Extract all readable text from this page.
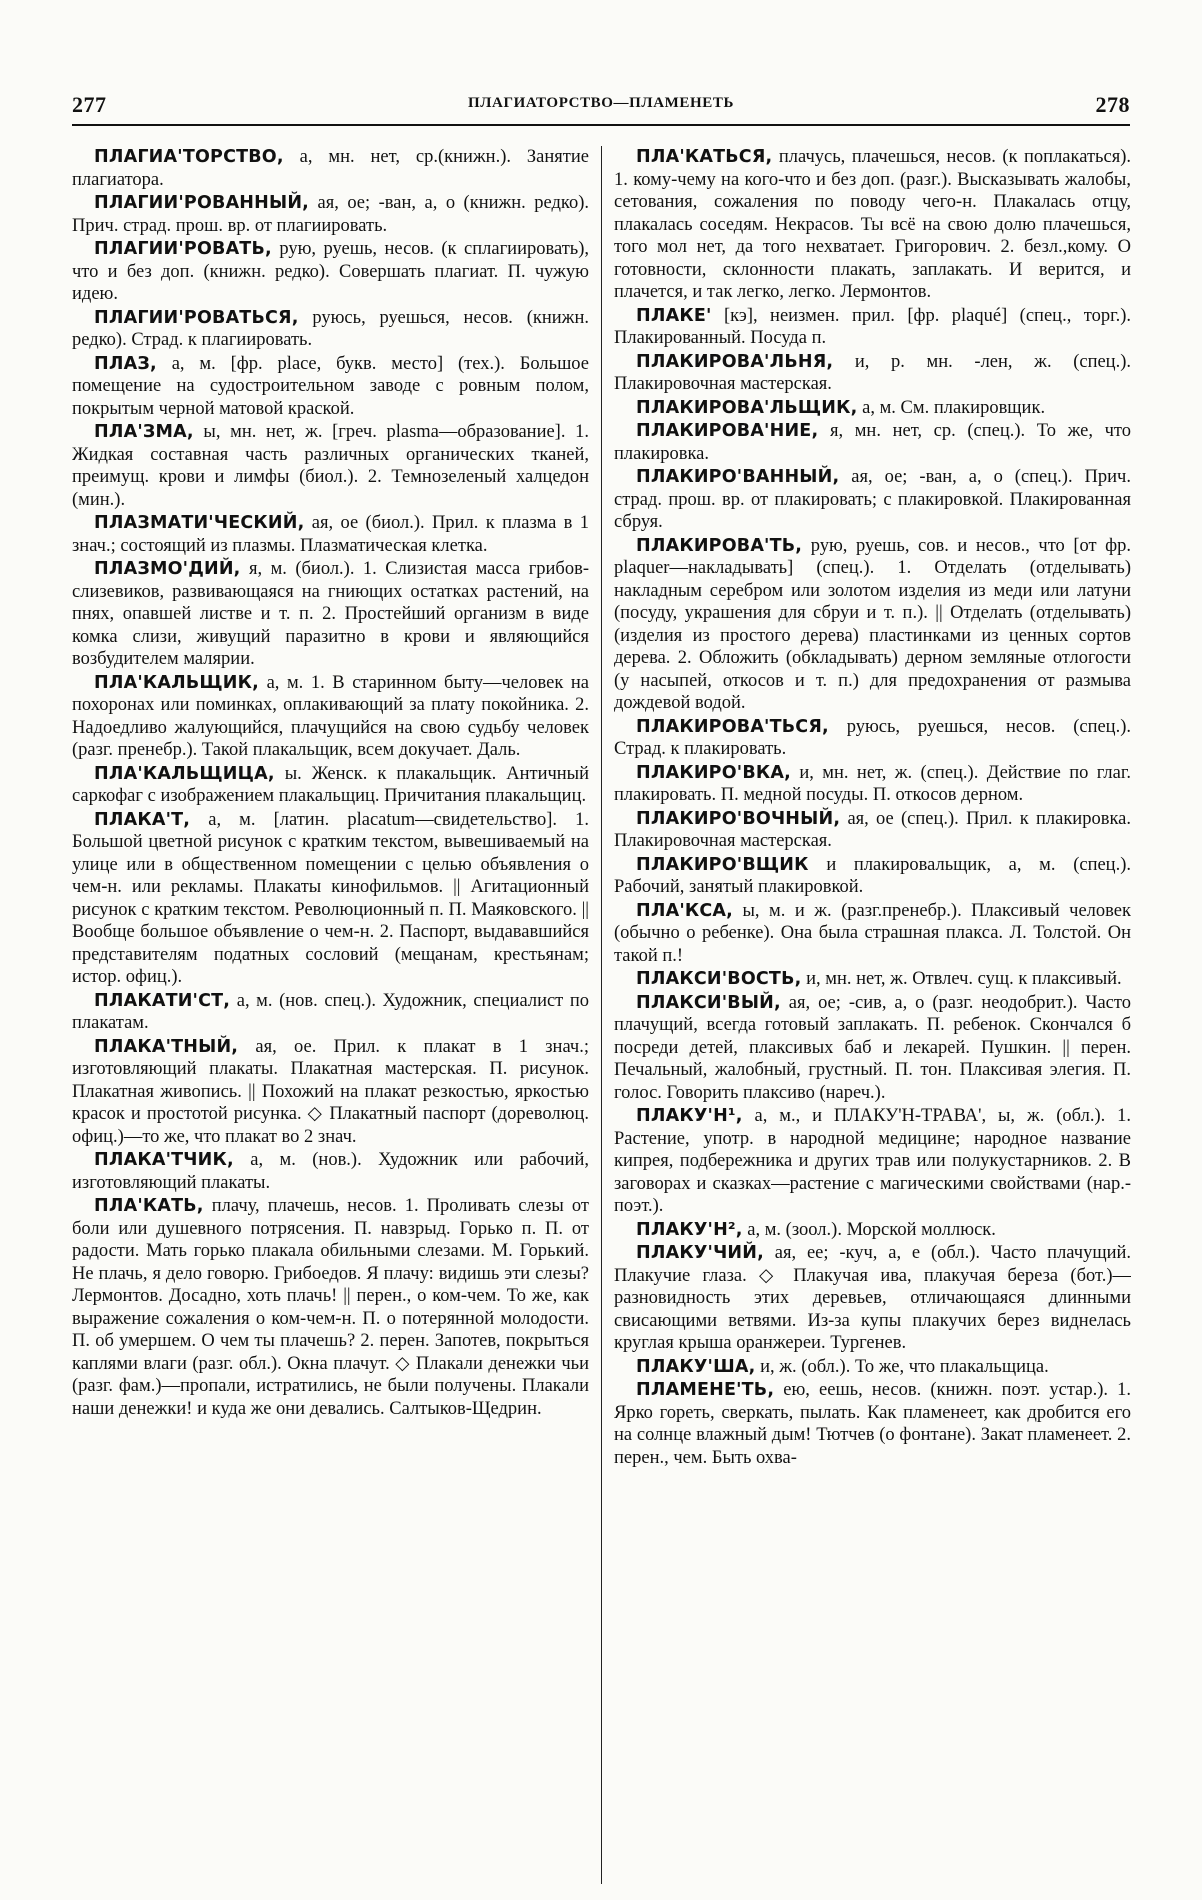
277	ПЛАГИАТОРСТВО—ПЛАМЕНЕТЬ	278

ПЛАГИА'ТОРСТВО, а, мн. нет, ср.(книжн.). Занятие плагиатора.

ПЛАГИИ'РОВАННЫЙ, ая, ое; -ван, а, о (книжн. редко). Прич. страд. прош. вр. от плагиировать.

ПЛАГИИ'РОВАТЬ, рую, руешь, несов. (к сплагиировать), что и без доп. (книжн. редко). Совершать плагиат. П. чужую идею.

ПЛАГИИ'РОВАТЬСЯ, руюсь, руешься, несов. (книжн. редко). Страд. к плагиировать.

ПЛАЗ, а, м. [фр. place, букв. место] (тех.). Большое помещение на судостроительном заводе с ровным полом, покрытым черной матовой краской.

ПЛА'ЗМА, ы, мн. нет, ж. [греч. plasma—образование]. 1. Жидкая составная часть различных органических тканей, преимущ. крови и лимфы (биол.). 2. Темнозеленый халцедон (мин.).

ПЛАЗМАТИ'ЧЕСКИЙ, ая, ое (биол.). Прил. к плазма в 1 знач.; состоящий из плазмы. Плазматическая клетка.

ПЛАЗМО'ДИЙ, я, м. (биол.). 1. Слизистая масса грибов-слизевиков, развивающаяся на гниющих остатках растений, на пнях, опавшей листве и т. п. 2. Простейший организм в виде комка слизи, живущий паразитно в крови и являющийся возбудителем малярии.

ПЛА'КАЛЬЩИК, а, м. 1. В старинном быту—человек на похоронах или поминках, оплакивающий за плату покойника. 2. Надоедливо жалующийся, плачущийся на свою судьбу человек (разг. пренебр.). Такой плакальщик, всем докучает. Даль.

ПЛА'КАЛЬЩИЦА, ы. Женск. к плакальщик. Античный саркофаг с изображением плакальщиц. Причитания плакальщиц.

ПЛАКА'Т, а, м. [латин. placatum—свидетельство]. 1. Большой цветной рисунок с кратким текстом, вывешиваемый на улице или в общественном помещении с целью объявления о чем-н. или рекламы. Плакаты кинофильмов. || Агитационный рисунок с кратким текстом. Революционный п. П. Маяковского. || Вообще большое объявление о чем-н. 2. Паспорт, выдававшийся представителям податных сословий (мещанам, крестьянам; истор. офиц.).

ПЛАКАТИ'СТ, а, м. (нов. спец.). Художник, специалист по плакатам.

ПЛАКА'ТНЫЙ, ая, ое. Прил. к плакат в 1 знач.; изготовляющий плакаты. Плакатная мастерская. П. рисунок. Плакатная живопись. || Похожий на плакат резкостью, яркостью красок и простотой рисунка. ◇ Плакатный паспорт (дореволюц. офиц.)—то же, что плакат во 2 знач.

ПЛАКА'ТЧИК, а, м. (нов.). Художник или рабочий, изготовляющий плакаты.

ПЛА'КАТЬ, плачу, плачешь, несов. 1. Проливать слезы от боли или душевного потрясения. П. навзрыд. Горько п. П. от радости. Мать горько плакала обильными слезами. М. Горький. Не плачь, я дело говорю. Грибоедов. Я плачу: видишь эти слезы? Лермонтов. Досадно, хоть плачь! || перен., о ком-чем. То же, как выражение сожаления о ком-чем-н. П. о потерянной молодости. П. об умершем. О чем ты плачешь? 2. перен. Запотев, покрыться каплями влаги (разг. обл.). Окна плачут. ◇ Плакали денежки чьи (разг. фам.)—пропали, истратились, не были получены. Плакали наши денежки! и куда же они девались. Салтыков-Щедрин.

ПЛА'КАТЬСЯ, плачусь, плачешься, несов. (к поплакаться). 1. кому-чему на кого-что и без доп. (разг.). Высказывать жалобы, сетования, сожаления по поводу чего-н. Плакалась отцу, плакалась соседям. Некрасов. Ты всё на свою долю плачешься, того мол нет, да того нехватает. Григорович. 2. безл.,кому. О готовности, склонности плакать, заплакать. И верится, и плачется, и так легко, легко. Лермонтов.

ПЛАКЕ' [кэ], неизмен. прил. [фр. plaqué] (спец., торг.). Плакированный. Посуда п.

ПЛАКИРОВА'ЛЬНЯ, и, р. мн. -лен, ж. (спец.). Плакировочная мастерская.

ПЛАКИРОВА'ЛЬЩИК, а, м. См. плакировщик.

ПЛАКИРОВА'НИЕ, я, мн. нет, ср. (спец.). То же, что плакировка.

ПЛАКИРО'ВАННЫЙ, ая, ое; -ван, а, о (спец.). Прич. страд. прош. вр. от плакировать; с плакировкой. Плакированная сбруя.

ПЛАКИРОВА'ТЬ, рую, руешь, сов. и несов., что [от фр. plaquer—накладывать] (спец.). 1. Отделать (отделывать) накладным серебром или золотом изделия из меди или латуни (посуду, украшения для сбруи и т. п.). || Отделать (отделывать) (изделия из простого дерева) пластинками из ценных сортов дерева. 2. Обложить (обкладывать) дерном земляные отлогости (у насыпей, откосов и т. п.) для предохранения от размыва дождевой водой.

ПЛАКИРОВА'ТЬСЯ, руюсь, руешься, несов. (спец.). Страд. к плакировать.

ПЛАКИРО'ВКА, и, мн. нет, ж. (спец.). Действие по глаг. плакировать. П. медной посуды. П. откосов дерном.

ПЛАКИРО'ВОЧНЫЙ, ая, ое (спец.). Прил. к плакировка. Плакировочная мастерская.

ПЛАКИРО'ВЩИК и плакировальщик, а, м. (спец.). Рабочий, занятый плакировкой.

ПЛА'КСА, ы, м. и ж. (разг.пренебр.). Плаксивый человек (обычно о ребенке). Она была страшная плакса. Л. Толстой. Он такой п.!

ПЛАКСИ'ВОСТЬ, и, мн. нет, ж. Отвлеч. сущ. к плаксивый.

ПЛАКСИ'ВЫЙ, ая, ое; -сив, а, о (разг. неодобрит.). Часто плачущий, всегда готовый заплакать. П. ребенок. Скончался б посреди детей, плаксивых баб и лекарей. Пушкин. || перен. Печальный, жалобный, грустный. П. тон. Плаксивая элегия. П. голос. Говорить плаксиво (нареч.).

ПЛАКУ'Н¹, а, м., и ПЛАКУ'Н-ТРАВА', ы, ж. (обл.). 1. Растение, употр. в народной медицине; народное название кипрея, подбережника и других трав или полукустарников. 2. В заговорах и сказках—растение с магическими свойствами (нар.-поэт.).

ПЛАКУ'Н², а, м. (зоол.). Морской моллюск.

ПЛАКУ'ЧИЙ, ая, ее; -куч, а, е (обл.). Часто плачущий. Плакучие глаза. ◇ Плакучая ива, плакучая береза (бот.)—разновидность этих деревьев, отличающаяся длинными свисающими ветвями. Из-за купы плакучих берез виднелась круглая крыша оранжереи. Тургенев.

ПЛАКУ'ША, и, ж. (обл.). То же, что плакальщица.

ПЛАМЕНЕ'ТЬ, ею, еешь, несов. (книжн. поэт. устар.). 1. Ярко гореть, сверкать, пылать. Как пламенеет, как дробится его на солнце влажный дым! Тютчев (о фонтане). Закат пламенеет. 2. перен., чем. Быть охва-
